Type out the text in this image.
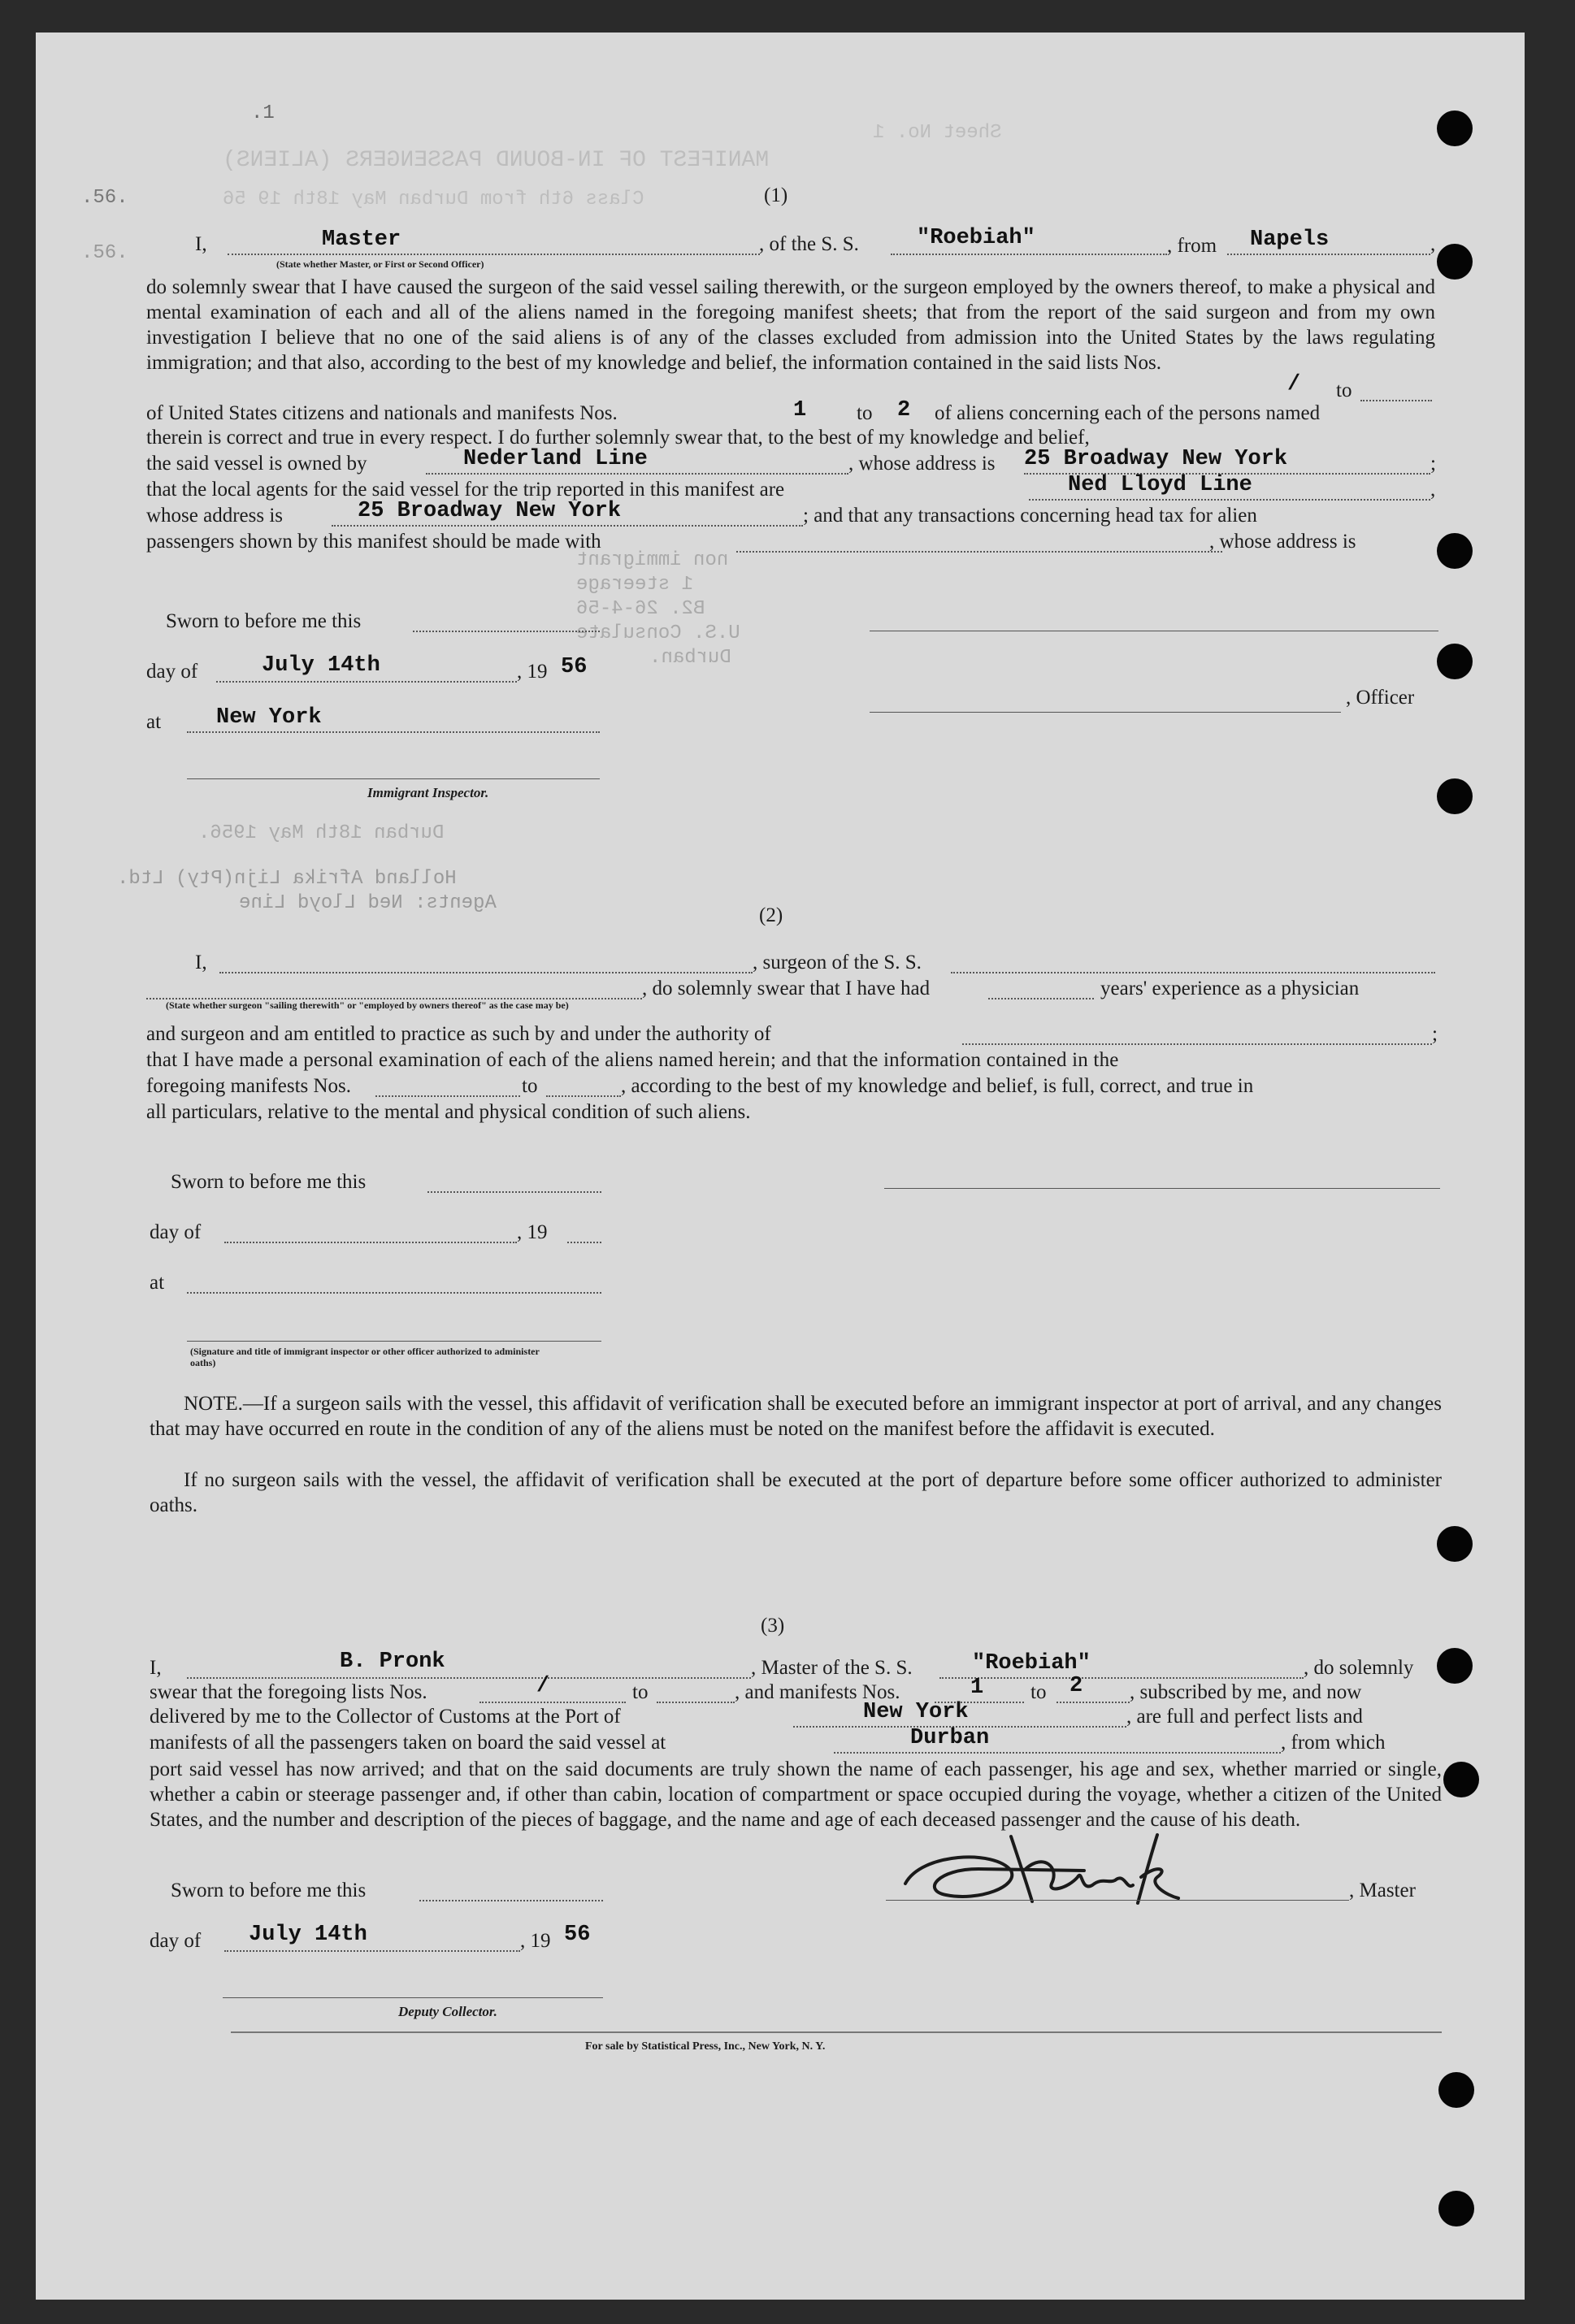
Sheet No. 1
MANIFEST OF IN-BOUND PASSENGERS (ALIENS)
Class 6th from Durban May 18th 19 56
.1
.56.
.56.
(1)
I,	Master
(State whether Master, or First or Second Officer)
, of the S. S.	"Roebiah"	, from Napels	,
do solemnly swear that I have caused the surgeon of the said vessel sailing therewith, or the surgeon employed by the owners thereof, to make a physical and mental examination of each and all of the aliens named in the foregoing manifest sheets; that from the report of the said surgeon and from my own investigation I believe that no one of the said aliens is of any of the classes excluded from admission into the United States by the laws regulating immigration; and that also, according to the best of my knowledge and belief, the information contained in the said lists Nos.
/ to
of United States citizens and nationals and manifests Nos.	1 to 2 of aliens concerning each of the persons named
therein is correct and true in every respect. I do further solemnly swear that, to the best of my knowledge and belief,
the said vessel is owned by	Nederland Line	, whose address is 25 Broadway New York	;
that the local agents for the said vessel for the trip reported in this manifest are	Ned Lloyd Line	,
whose address is	25 Broadway New York	; and that any transactions concerning head tax for alien
passengers shown by this manifest should be made with	, whose address is
non immigrant
1 steerage
B2. 26-4-56
U.S. Consulate
Durban.
Sworn to before me this
day of	July 14th	, 19 56
, Officer
at	New York
Immigrant Inspector.
Durban 18th May 1956.
Holland Afrika Lijn(Pty) Ltd.
Agents: Ned Lloyd Line
(2)
I,	, surgeon of the S. S.
, do solemnly swear that I have had	years' experience as a physician
(State whether surgeon "sailing therewith" or "employed by owners thereof" as the case may be)
and surgeon and am entitled to practice as such by and under the authority of	;
that I have made a personal examination of each of the aliens named herein; and that the information contained in the
foregoing manifests Nos.	to	, according to the best of my knowledge and belief, is full, correct, and true in
all particulars, relative to the mental and physical condition of such aliens.
Sworn to before me this
day of	, 19
at
(Signature and title of immigrant inspector or other officer authorized to administer oaths)
NOTE.—If a surgeon sails with the vessel, this affidavit of verification shall be executed before an immigrant inspector at port of arrival, and any changes that may have occurred en route in the condition of any of the aliens must be noted on the manifest before the affidavit is executed.
If no surgeon sails with the vessel, the affidavit of verification shall be executed at the port of departure before some officer authorized to administer oaths.
(3)
I,	B. Pronk	, Master of the S. S.	"Roebiah"	, do solemnly
swear that the foregoing lists Nos.	/	to	, and manifests Nos.	1 to 2 , subscribed by me, and now
delivered by me to the Collector of Customs at the Port of	New York	, are full and perfect lists and
manifests of all the passengers taken on board the said vessel at	Durban	, from which
port said vessel has now arrived; and that on the said documents are truly shown the name of each passenger, his age and sex, whether married or single, whether a cabin or steerage passenger and, if other than cabin, location of compartment or space occupied during the voyage, whether a citizen of the United States, and the number and description of the pieces of baggage, and the name and age of each deceased passenger and the cause of his death.
Sworn to before me this	, Master
day of July 14th	, 19 56
Deputy Collector.
For sale by Statistical Press, Inc., New York, N. Y.
